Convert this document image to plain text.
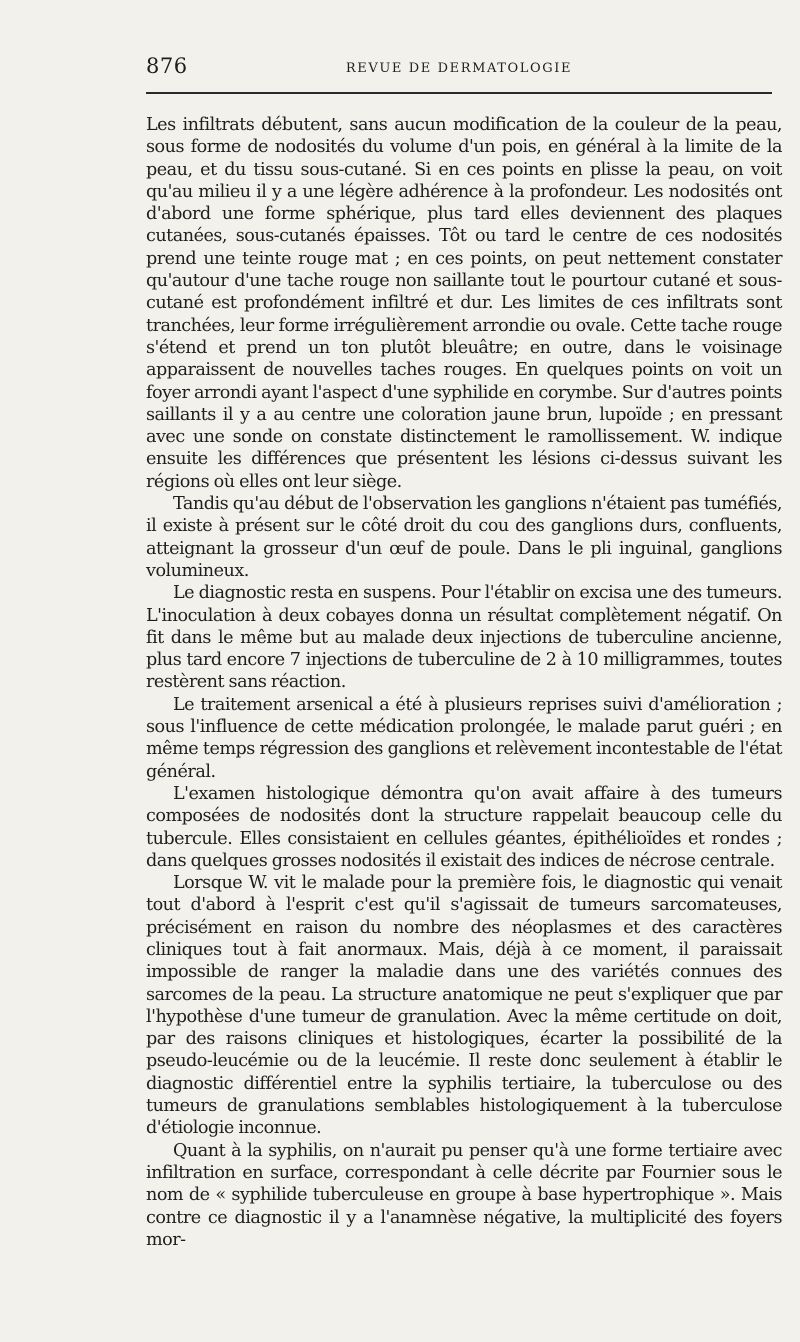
876	REVUE DE DERMATOLOGIE

Les infiltrats débutent, sans aucun modification de la couleur de la peau, sous forme de nodosités du volume d'un pois, en général à la limite de la peau, et du tissu sous-cutané. Si en ces points en plisse la peau, on voit qu'au milieu il y a une légère adhérence à la profondeur. Les nodosités ont d'abord une forme sphérique, plus tard elles deviennent des plaques cutanées, sous-cutanés épaisses. Tôt ou tard le centre de ces nodosités prend une teinte rouge mat ; en ces points, on peut nettement constater qu'autour d'une tache rouge non saillante tout le pourtour cutané et sous-cutané est profondément infiltré et dur. Les limites de ces infiltrats sont tranchées, leur forme irrégulièrement arrondie ou ovale. Cette tache rouge s'étend et prend un ton plutôt bleuâtre; en outre, dans le voisinage apparaissent de nouvelles taches rouges. En quelques points on voit un foyer arrondi ayant l'aspect d'une syphilide en corymbe. Sur d'autres points saillants il y a au centre une coloration jaune brun, lupoïde ; en pressant avec une sonde on constate distinctement le ramollissement. W. indique ensuite les différences que présentent les lésions ci-dessus suivant les régions où elles ont leur siège.

Tandis qu'au début de l'observation les ganglions n'étaient pas tuméfiés, il existe à présent sur le côté droit du cou des ganglions durs, confluents, atteignant la grosseur d'un œuf de poule. Dans le pli inguinal, ganglions volumineux.

Le diagnostic resta en suspens. Pour l'établir on excisa une des tumeurs. L'inoculation à deux cobayes donna un résultat complètement négatif. On fit dans le même but au malade deux injections de tuberculine ancienne, plus tard encore 7 injections de tuberculine de 2 à 10 milligrammes, toutes restèrent sans réaction.

Le traitement arsenical a été à plusieurs reprises suivi d'amélioration ; sous l'influence de cette médication prolongée, le malade parut guéri ; en même temps régression des ganglions et relèvement incontestable de l'état général.

L'examen histologique démontra qu'on avait affaire à des tumeurs composées de nodosités dont la structure rappelait beaucoup celle du tubercule. Elles consistaient en cellules géantes, épithélioïdes et rondes ; dans quelques grosses nodosités il existait des indices de nécrose centrale.

Lorsque W. vit le malade pour la première fois, le diagnostic qui venait tout d'abord à l'esprit c'est qu'il s'agissait de tumeurs sarcomateuses, précisément en raison du nombre des néoplasmes et des caractères cliniques tout à fait anormaux. Mais, déjà à ce moment, il paraissait impossible de ranger la maladie dans une des variétés connues des sarcomes de la peau. La structure anatomique ne peut s'expliquer que par l'hypothèse d'une tumeur de granulation. Avec la même certitude on doit, par des raisons cliniques et histologiques, écarter la possibilité de la pseudo-leucémie ou de la leucémie. Il reste donc seulement à établir le diagnostic différentiel entre la syphilis tertiaire, la tuberculose ou des tumeurs de granulations semblables histologiquement à la tuberculose d'étiologie inconnue.

Quant à la syphilis, on n'aurait pu penser qu'à une forme tertiaire avec infiltration en surface, correspondant à celle décrite par Fournier sous le nom de « syphilide tuberculeuse en groupe à base hypertrophique ». Mais contre ce diagnostic il y a l'anamnèse négative, la multiplicité des foyers mor-
